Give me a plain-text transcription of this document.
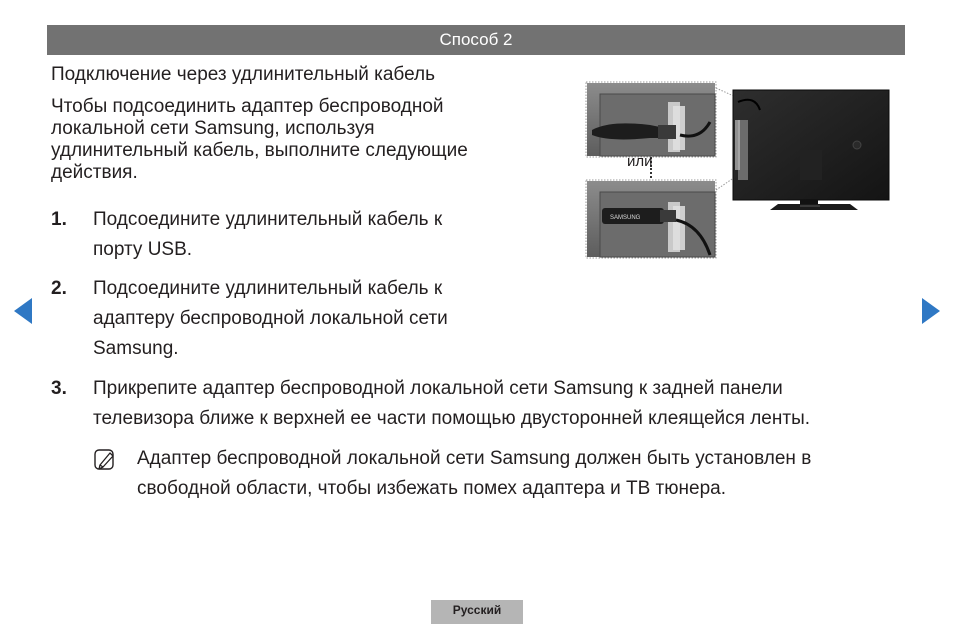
Способ 2
Подключение через удлинительный кабель
Чтобы подсоединить адаптер беспроводной
локальной сети Samsung, используя
удлинительный кабель, выполните следующие
действия.
1. Подсоедините удлинительный кабель к
порту USB.
2. Подсоедините удлинительный кабель к
адаптеру беспроводной локальной сети
Samsung.
3. Прикрепите адаптер беспроводной локальной сети Samsung к задней панели
телевизора ближе к верхней ее части помощью двусторонней клеящейся ленты.
Адаптер беспроводной локальной сети Samsung должен быть установлен в
свободной области, чтобы избежать помех адаптера и ТВ тюнера.
SAMSUNG
или
Русский
